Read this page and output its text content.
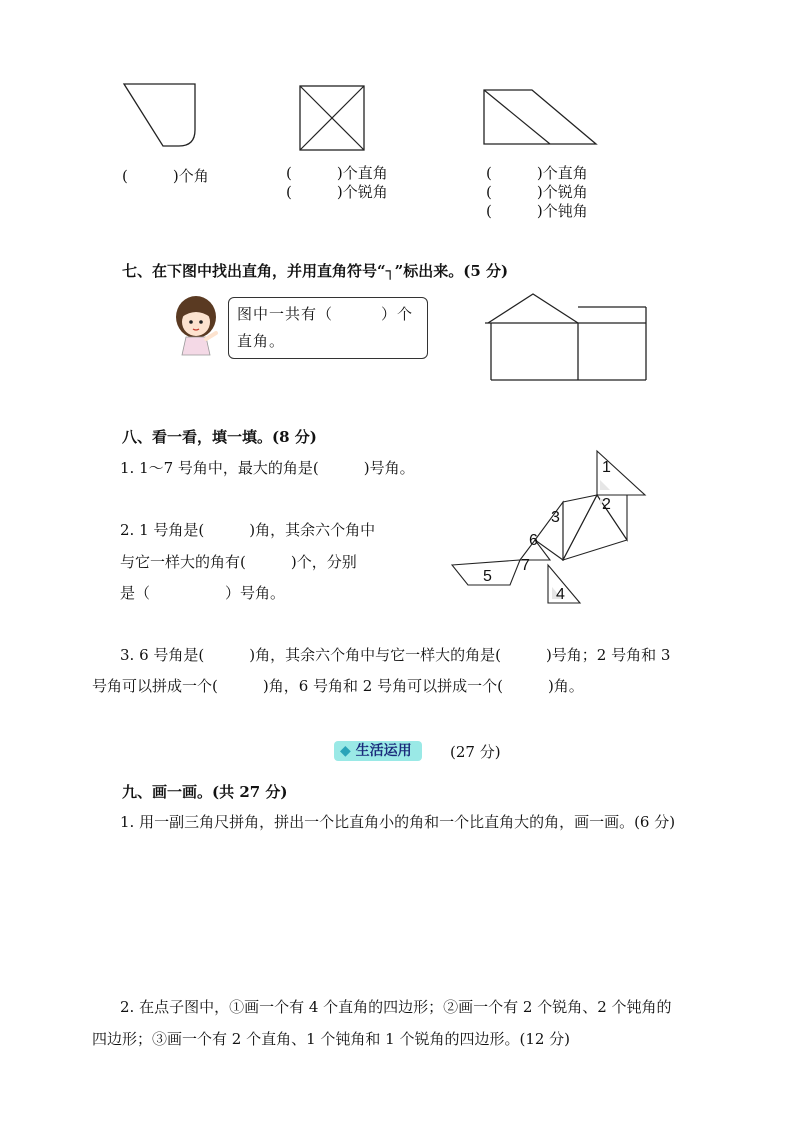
(　　　)个角	(　　　)个直角
(　　　)个锐角
(　　　)个直角
(　　　)个锐角
(　　　)个钝角
七、在下图中找出直角，并用直角符号“┐”标出来。(5 分)
图中一共有（　　　）个
直角。
八、看一看，填一填。(8 分)
1. 1～7 号角中，最大的角是(　　　)号角。
2. 1 号角是(　　　)角，其余六个角中
与它一样大的角有(　　　)个，分别
是（　　　　　）号角。
1
2
3
4
5
6
7
3. 6 号角是(　　　)角，其余六个角中与它一样大的角是(　　　)号角；2 号角和 3
号角可以拼成一个(　　　)角，6 号角和 2 号角可以拼成一个(　　　)角。
◆ 生活运用	(27 分)
九、画一画。(共 27 分)
1. 用一副三角尺拼角，拼出一个比直角小的角和一个比直角大的角，画一画。(6 分)
2. 在点子图中，①画一个有 4 个直角的四边形；②画一个有 2 个锐角、2 个钝角的
四边形；③画一个有 2 个直角、1 个钝角和 1 个锐角的四边形。(12 分)
